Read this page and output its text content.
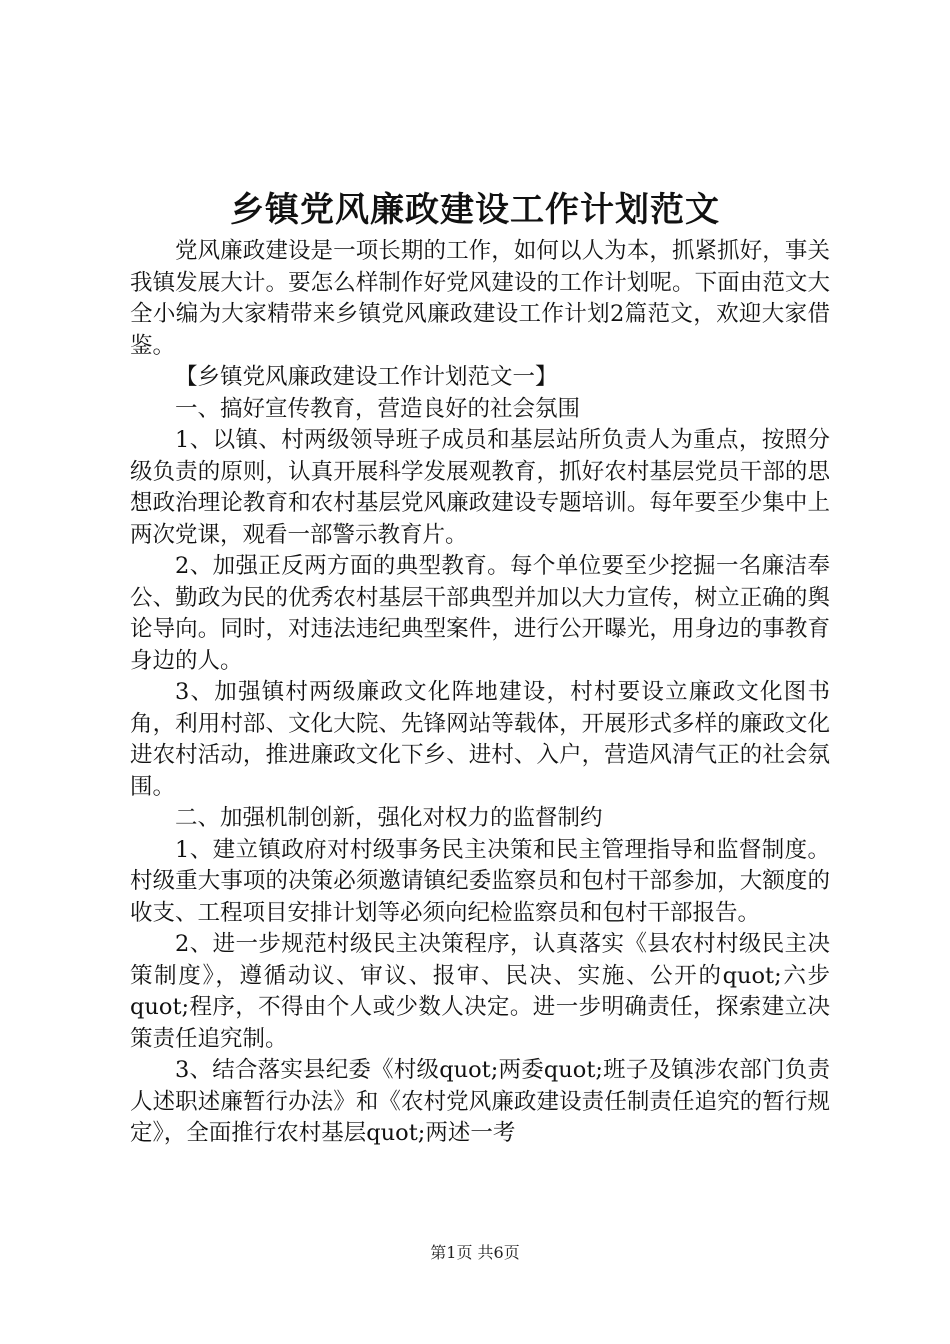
乡镇党风廉政建设工作计划范文

党风廉政建设是一项长期的工作，如何以人为本，抓紧抓好，事关我镇发展大计。要怎么样制作好党风建设的工作计划呢。下面由范文大全小编为大家精带来乡镇党风廉政建设工作计划2篇范文，欢迎大家借鉴。

【乡镇党风廉政建设工作计划范文一】

一、搞好宣传教育，营造良好的社会氛围

1、以镇、村两级领导班子成员和基层站所负责人为重点，按照分级负责的原则，认真开展科学发展观教育，抓好农村基层党员干部的思想政治理论教育和农村基层党风廉政建设专题培训。每年要至少集中上两次党课，观看一部警示教育片。

2、加强正反两方面的典型教育。每个单位要至少挖掘一名廉洁奉公、勤政为民的优秀农村基层干部典型并加以大力宣传，树立正确的舆论导向。同时，对违法违纪典型案件，进行公开曝光，用身边的事教育身边的人。

3、加强镇村两级廉政文化阵地建设，村村要设立廉政文化图书角，利用村部、文化大院、先锋网站等载体，开展形式多样的廉政文化进农村活动，推进廉政文化下乡、进村、入户，营造风清气正的社会氛围。

二、加强机制创新，强化对权力的监督制约

1、建立镇政府对村级事务民主决策和民主管理指导和监督制度。村级重大事项的决策必须邀请镇纪委监察员和包村干部参加，大额度的收支、工程项目安排计划等必须向纪检监察员和包村干部报告。

2、进一步规范村级民主决策程序，认真落实《县农村村级民主决策制度》，遵循动议、审议、报审、民决、实施、公开的quot;六步quot;程序，不得由个人或少数人决定。进一步明确责任，探索建立决策责任追究制。

3、结合落实县纪委《村级quot;两委quot;班子及镇涉农部门负责人述职述廉暂行办法》和《农村党风廉政建设责任制责任追究的暂行规定》，全面推行农村基层quot;两述一考

第1页 共6页
